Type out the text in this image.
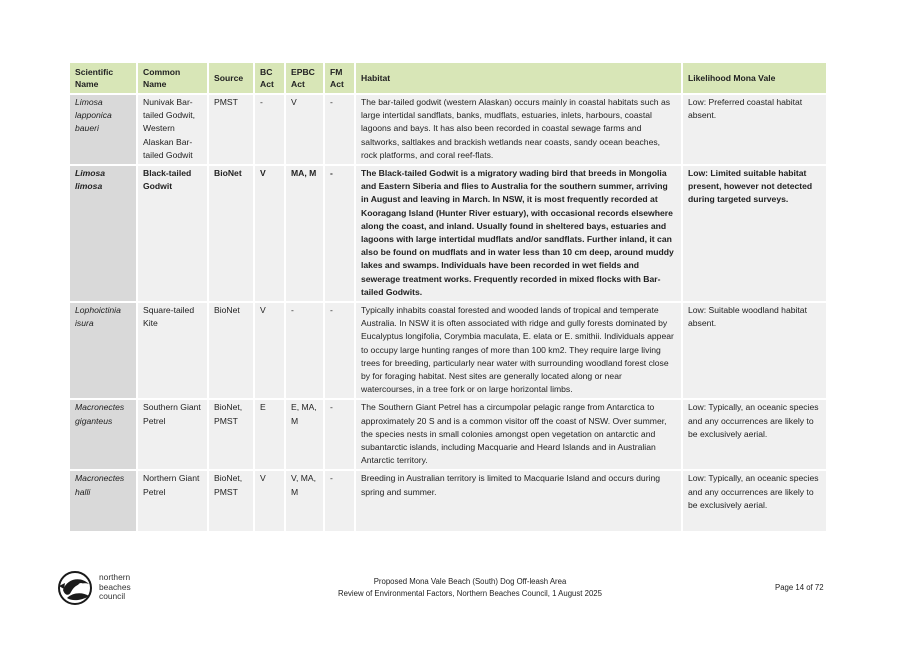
Scientific Name	Common Name	Source	BC Act	EPBC Act	FM Act	Habitat	Likelihood Mona Vale
Limosa lapponica baueri	Nunivak Bar-tailed Godwit, Western Alaskan Bar-tailed Godwit	PMST	-	V	-	The bar-tailed godwit (western Alaskan) occurs mainly in coastal habitats such as large intertidal sandflats, banks, mudflats, estuaries, inlets, harbours, coastal lagoons and bays. It has also been recorded in coastal sewage farms and saltworks, saltlakes and brackish wetlands near coasts, sandy ocean beaches, rock platforms, and coral reef-flats.	Low: Preferred coastal habitat absent.
Limosa limosa	Black-tailed Godwit	BioNet	V	MA, M	-	The Black-tailed Godwit is a migratory wading bird that breeds in Mongolia and Eastern Siberia and flies to Australia for the southern summer, arriving in August and leaving in March. In NSW, it is most frequently recorded at Kooragang Island (Hunter River estuary), with occasional records elsewhere along the coast, and inland. Usually found in sheltered bays, estuaries and lagoons with large intertidal mudflats and/or sandflats. Further inland, it can also be found on mudflats and in water less than 10 cm deep, around muddy lakes and swamps. Individuals have been recorded in wet fields and sewerage treatment works. Frequently recorded in mixed flocks with Bar-tailed Godwits.	Low: Limited suitable habitat present, however not detected during targeted surveys.
Lophoictinia isura	Square-tailed Kite	BioNet	V	-	-	Typically inhabits coastal forested and wooded lands of tropical and temperate Australia. In NSW it is often associated with ridge and gully forests dominated by Eucalyptus longifolia, Corymbia maculata, E. elata or E. smithii. Individuals appear to occupy large hunting ranges of more than 100 km2. They require large living trees for breeding, particularly near water with surrounding woodland forest close by for foraging habitat. Nest sites are generally located along or near watercourses, in a tree fork or on large horizontal limbs.	Low: Suitable woodland habitat absent.
Macronectes giganteus	Southern Giant Petrel	BioNet, PMST	E	E, MA, M	-	The Southern Giant Petrel has a circumpolar pelagic range from Antarctica to approximately 20 S and is a common visitor off the coast of NSW. Over summer, the species nests in small colonies amongst open vegetation on antarctic and subantarctic islands, including Macquarie and Heard Islands and in Australian Antarctic territory.	Low: Typically, an oceanic species and any occurrences are likely to be exclusively aerial.
Macronectes halli	Northern Giant Petrel	BioNet, PMST	V	V, MA, M	-	Breeding in Australian territory is limited to Macquarie Island and occurs during spring and summer.	Low: Typically, an oceanic species and any occurrences are likely to be exclusively aerial.
northern
beaches
council
Proposed Mona Vale Beach (South) Dog Off-leash Area
Review of Environmental Factors, Northern Beaches Council, 1 August 2025
Page 14 of 72
